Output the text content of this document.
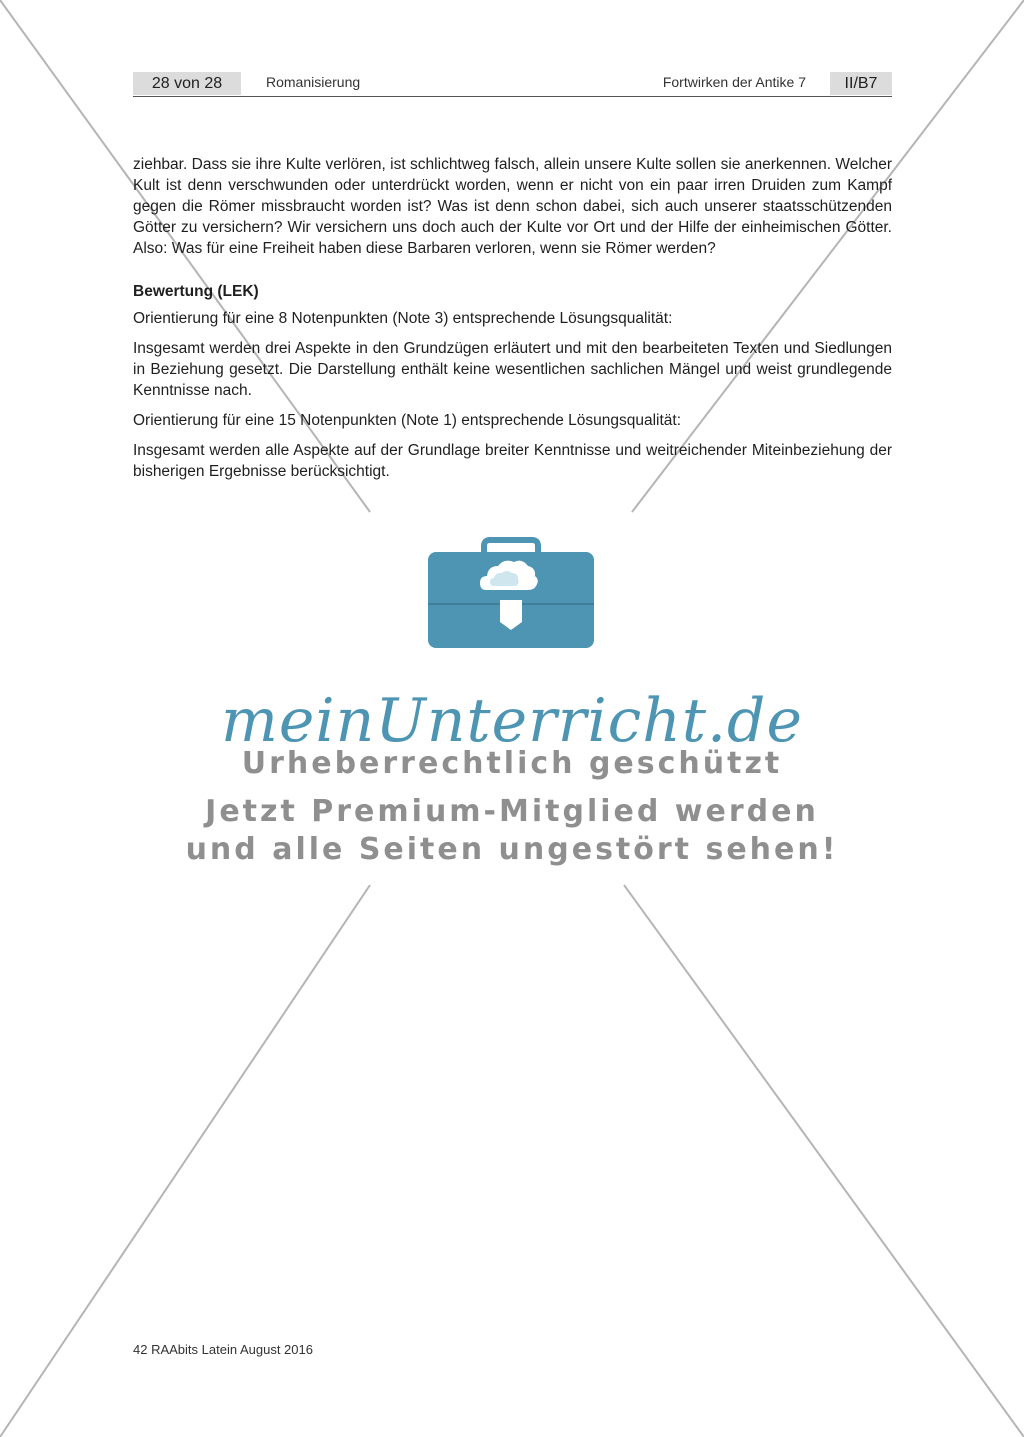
28 von 28	Romanisierung	Fortwirken der Antike 7	II/B7

ziehbar. Dass sie ihre Kulte verlören, ist schlichtweg falsch, allein unsere Kulte sollen sie anerkennen. Welcher Kult ist denn verschwunden oder unterdrückt worden, wenn er nicht von ein paar irren Druiden zum Kampf gegen die Römer missbraucht worden ist? Was ist denn schon dabei, sich auch unserer staatsschützenden Götter zu versichern? Wir versichern uns doch auch der Kulte vor Ort und der Hilfe der einheimischen Götter. Also: Was für eine Freiheit haben diese Barbaren verloren, wenn sie Römer werden?

Bewertung (LEK)

Orientierung für eine 8 Notenpunkten (Note 3) entsprechende Lösungsqualität:

Insgesamt werden drei Aspekte in den Grundzügen erläutert und mit den bearbeiteten Texten und Siedlungen in Beziehung gesetzt. Die Darstellung enthält keine wesentlichen sachlichen Mängel und weist grundlegende Kenntnisse nach.

Orientierung für eine 15 Notenpunkten (Note 1) entsprechende Lösungsqualität:

Insgesamt werden alle Aspekte auf der Grundlage breiter Kenntnisse und weitreichender Miteinbeziehung der bisherigen Ergebnisse berücksichtigt.

meinUnterricht.de
Urheberrechtlich geschützt
Jetzt Premium-Mitglied werden
und alle Seiten ungestört sehen!
42 RAAbits Latein August 2016
